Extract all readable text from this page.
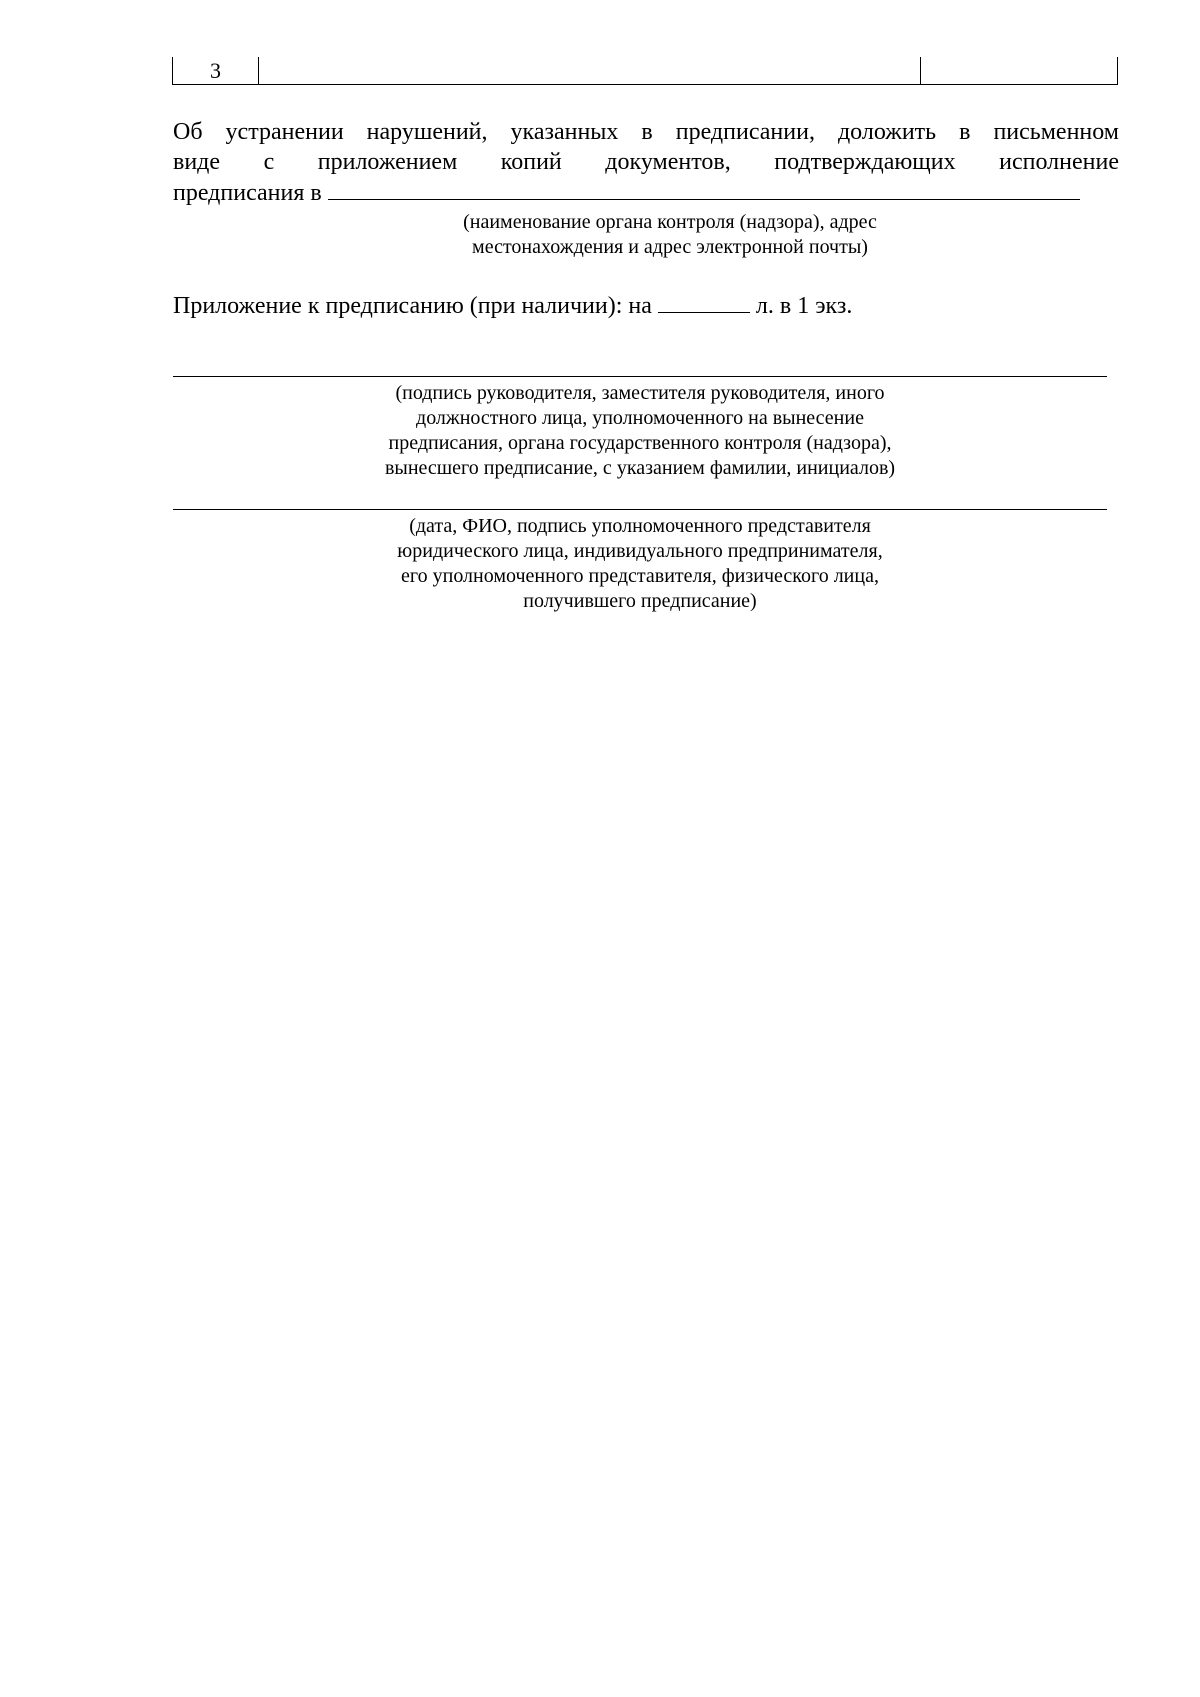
3
Об устранении нарушений, указанных в предписании, доложить в письменном
виде с приложением копий документов, подтверждающих исполнение
предписания в
(наименование органа контроля (надзора), адрес
местонахождения и адрес электронной почты)
Приложение к предписанию (при наличии): на	л. в 1 экз.
(подпись руководителя, заместителя руководителя, иного
должностного лица, уполномоченного на вынесение
предписания, органа государственного контроля (надзора),
вынесшего предписание, с указанием фамилии, инициалов)
(дата, ФИО, подпись уполномоченного представителя
юридического лица, индивидуального предпринимателя,
его уполномоченного представителя, физического лица,
получившего предписание)
